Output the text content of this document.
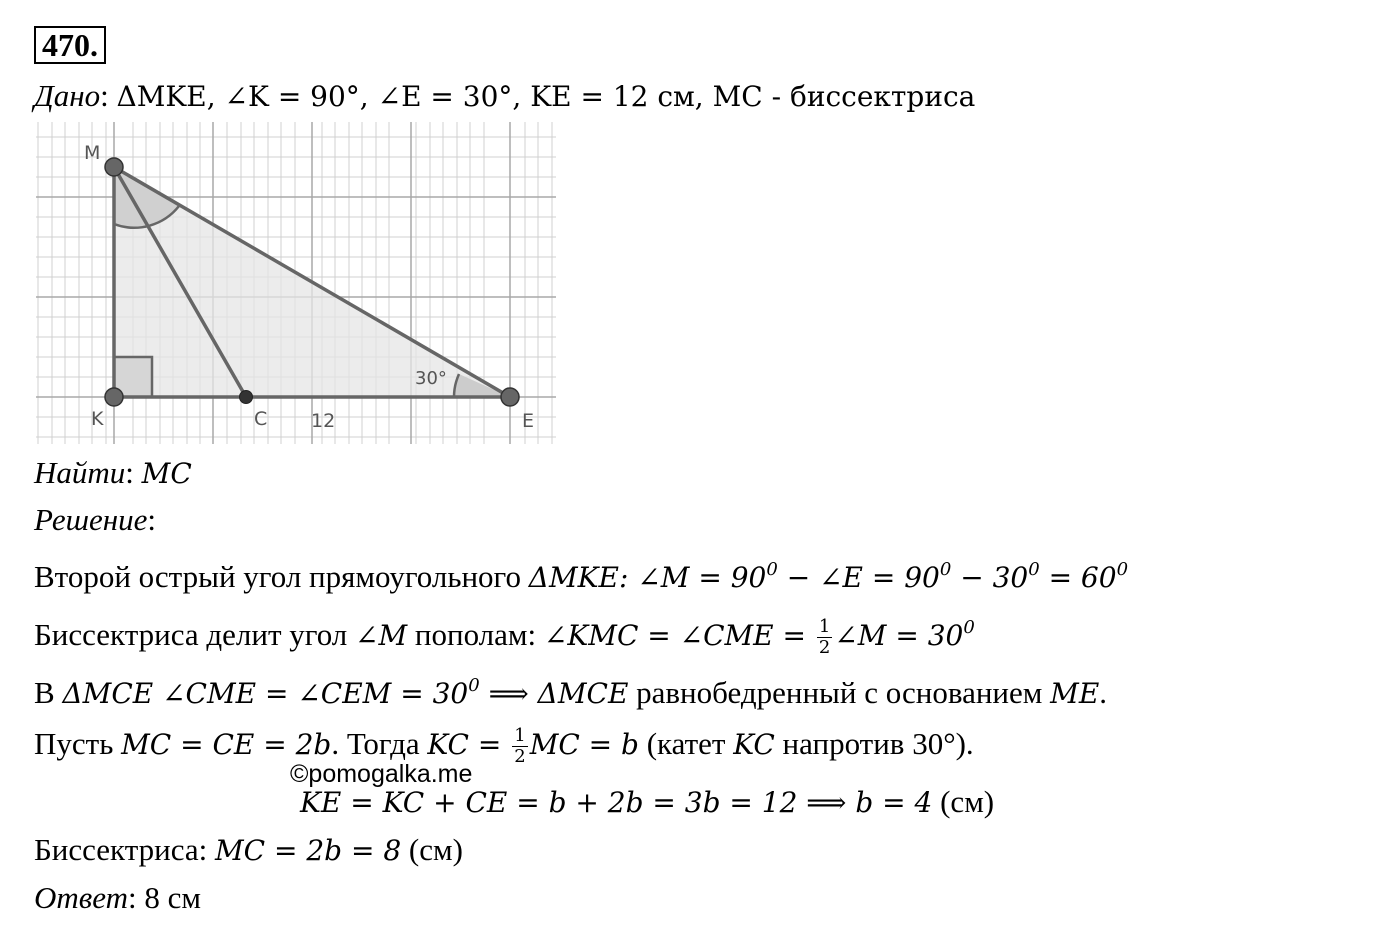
470.
Дано: ΔMKE, ∠K = 90°, ∠E = 30°, KE = 12 см, MC - биссектриса
M
K	C	E
12
30°
Найти: MC
Решение:
Второй острый угол прямоугольного ΔMKE: ∠M = $90^0$ − ∠E = $90^0 - 30^0 = 60^0$
Биссектриса делит угол ∠M пополам: ∠KMC = ∠CME = $\frac{1}{2}$ ∠M = $30^0$
В ΔMCE ∠CME = ∠CEM = $30^0$ ⟹ ΔMCE равнобедренный с основанием ME.
Пусть MC = CE = 2b. Тогда KC = $\frac{1}{2}$ MC = b (катет KC напротив 30°).
KE = KC + CE = b + 2b = 3b = 12 ⟹ b = 4 (см)
©pomogalka.me
Биссектриса: MC = 2b = 8 (см)
Ответ: 8 см
